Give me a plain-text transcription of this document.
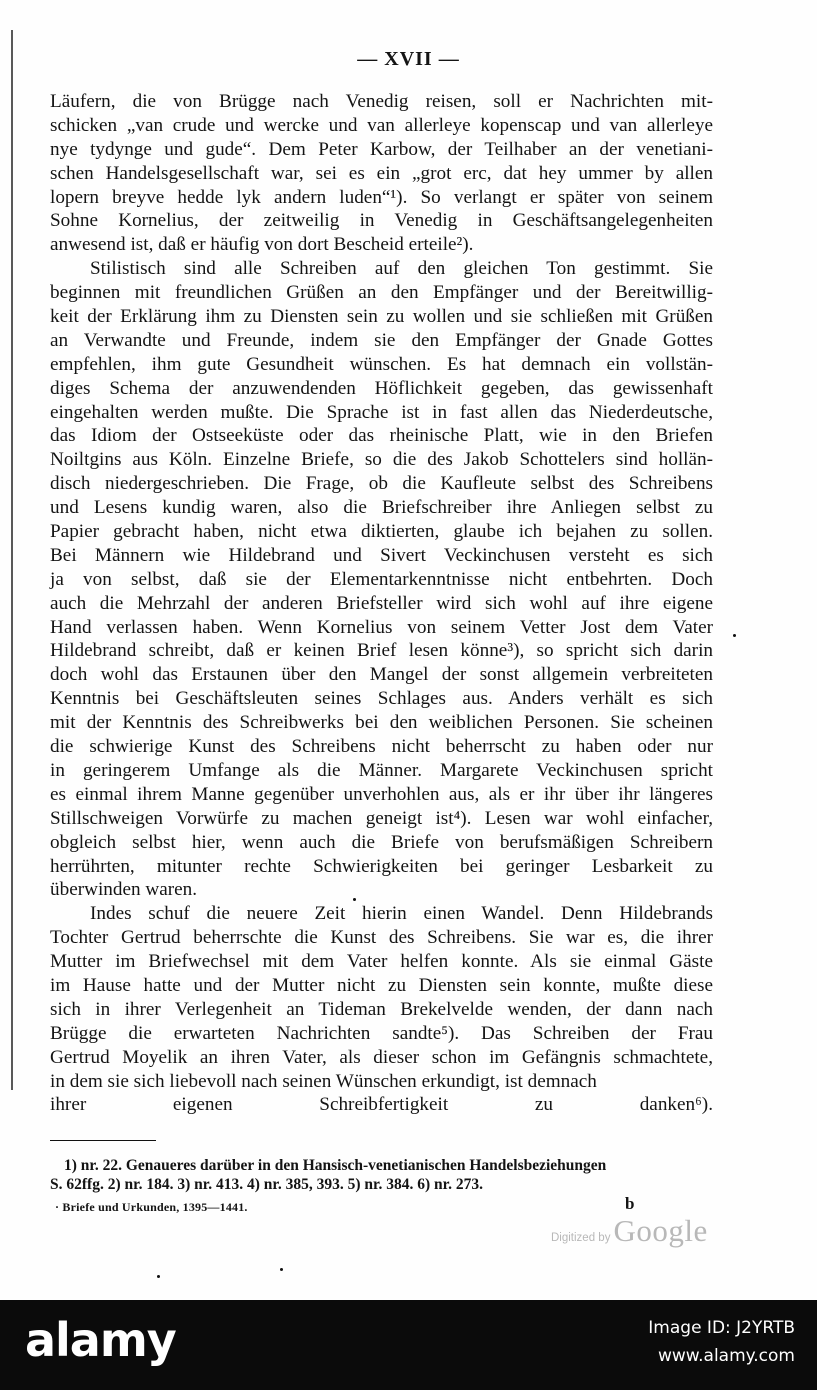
— XVII —
Läufern, die von Brügge nach Venedig reisen, soll er Nachrichten mit-
schicken „van crude und wercke und van allerleye kopenscap und van allerleye
nye tydynge und gude“. Dem Peter Karbow, der Teilhaber an der venetiani-
schen Handelsgesellschaft war, sei es ein „grot erc, dat hey ummer by allen
lopern breyve hedde lyk andern luden“¹). So verlangt er später von seinem
Sohne Kornelius, der zeitweilig in Venedig in Geschäftsangelegenheiten
anwesend ist, daß er häufig von dort Bescheid erteile²).
Stilistisch sind alle Schreiben auf den gleichen Ton gestimmt. Sie
beginnen mit freundlichen Grüßen an den Empfänger und der Bereitwillig-
keit der Erklärung ihm zu Diensten sein zu wollen und sie schließen mit Grüßen
an Verwandte und Freunde, indem sie den Empfänger der Gnade Gottes
empfehlen, ihm gute Gesundheit wünschen. Es hat demnach ein vollstän-
diges Schema der anzuwendenden Höflichkeit gegeben, das gewissenhaft
eingehalten werden mußte. Die Sprache ist in fast allen das Niederdeutsche,
das Idiom der Ostseeküste oder das rheinische Platt, wie in den Briefen
Noiltgins aus Köln. Einzelne Briefe, so die des Jakob Schottelers sind hollän-
disch niedergeschrieben. Die Frage, ob die Kaufleute selbst des Schreibens
und Lesens kundig waren, also die Briefschreiber ihre Anliegen selbst zu
Papier gebracht haben, nicht etwa diktierten, glaube ich bejahen zu sollen.
Bei Männern wie Hildebrand und Sivert Veckinchusen versteht es sich
ja von selbst, daß sie der Elementarkenntnisse nicht entbehrten. Doch
auch die Mehrzahl der anderen Briefsteller wird sich wohl auf ihre eigene
Hand verlassen haben. Wenn Kornelius von seinem Vetter Jost dem Vater
Hildebrand schreibt, daß er keinen Brief lesen könne³), so spricht sich darin
doch wohl das Erstaunen über den Mangel der sonst allgemein verbreiteten
Kenntnis bei Geschäftsleuten seines Schlages aus. Anders verhält es sich
mit der Kenntnis des Schreibwerks bei den weiblichen Personen. Sie scheinen
die schwierige Kunst des Schreibens nicht beherrscht zu haben oder nur
in geringerem Umfange als die Männer. Margarete Veckinchusen spricht
es einmal ihrem Manne gegenüber unverhohlen aus, als er ihr über ihr längeres
Stillschweigen Vorwürfe zu machen geneigt ist⁴). Lesen war wohl einfacher,
obgleich selbst hier, wenn auch die Briefe von berufsmäßigen Schreibern
herrührten, mitunter rechte Schwierigkeiten bei geringer Lesbarkeit zu
überwinden waren.
Indes schuf die neuere Zeit hierin einen Wandel. Denn Hildebrands
Tochter Gertrud beherrschte die Kunst des Schreibens. Sie war es, die ihrer
Mutter im Briefwechsel mit dem Vater helfen konnte. Als sie einmal Gäste
im Hause hatte und der Mutter nicht zu Diensten sein konnte, mußte diese
sich in ihrer Verlegenheit an Tideman Brekelvelde wenden, der dann nach
Brügge die erwarteten Nachrichten sandte⁵). Das Schreiben der Frau
Gertrud Moyelik an ihren Vater, als dieser schon im Gefängnis schmachtete,
in dem sie sich liebevoll nach seinen Wünschen erkundigt, ist demnach
ihrer eigenen Schreibfertigkeit zu danken⁶).
1) nr. 22. Genaueres darüber in den Hansisch-venetianischen Handelsbeziehungen
S. 62ffg. 2) nr. 184. 3) nr. 413. 4) nr. 385, 393. 5) nr. 384. 6) nr. 273.
· Briefe und Urkunden, 1395—1441.	b
Digitized by Google
alamy	Image ID: J2YRTB
www.alamy.com
